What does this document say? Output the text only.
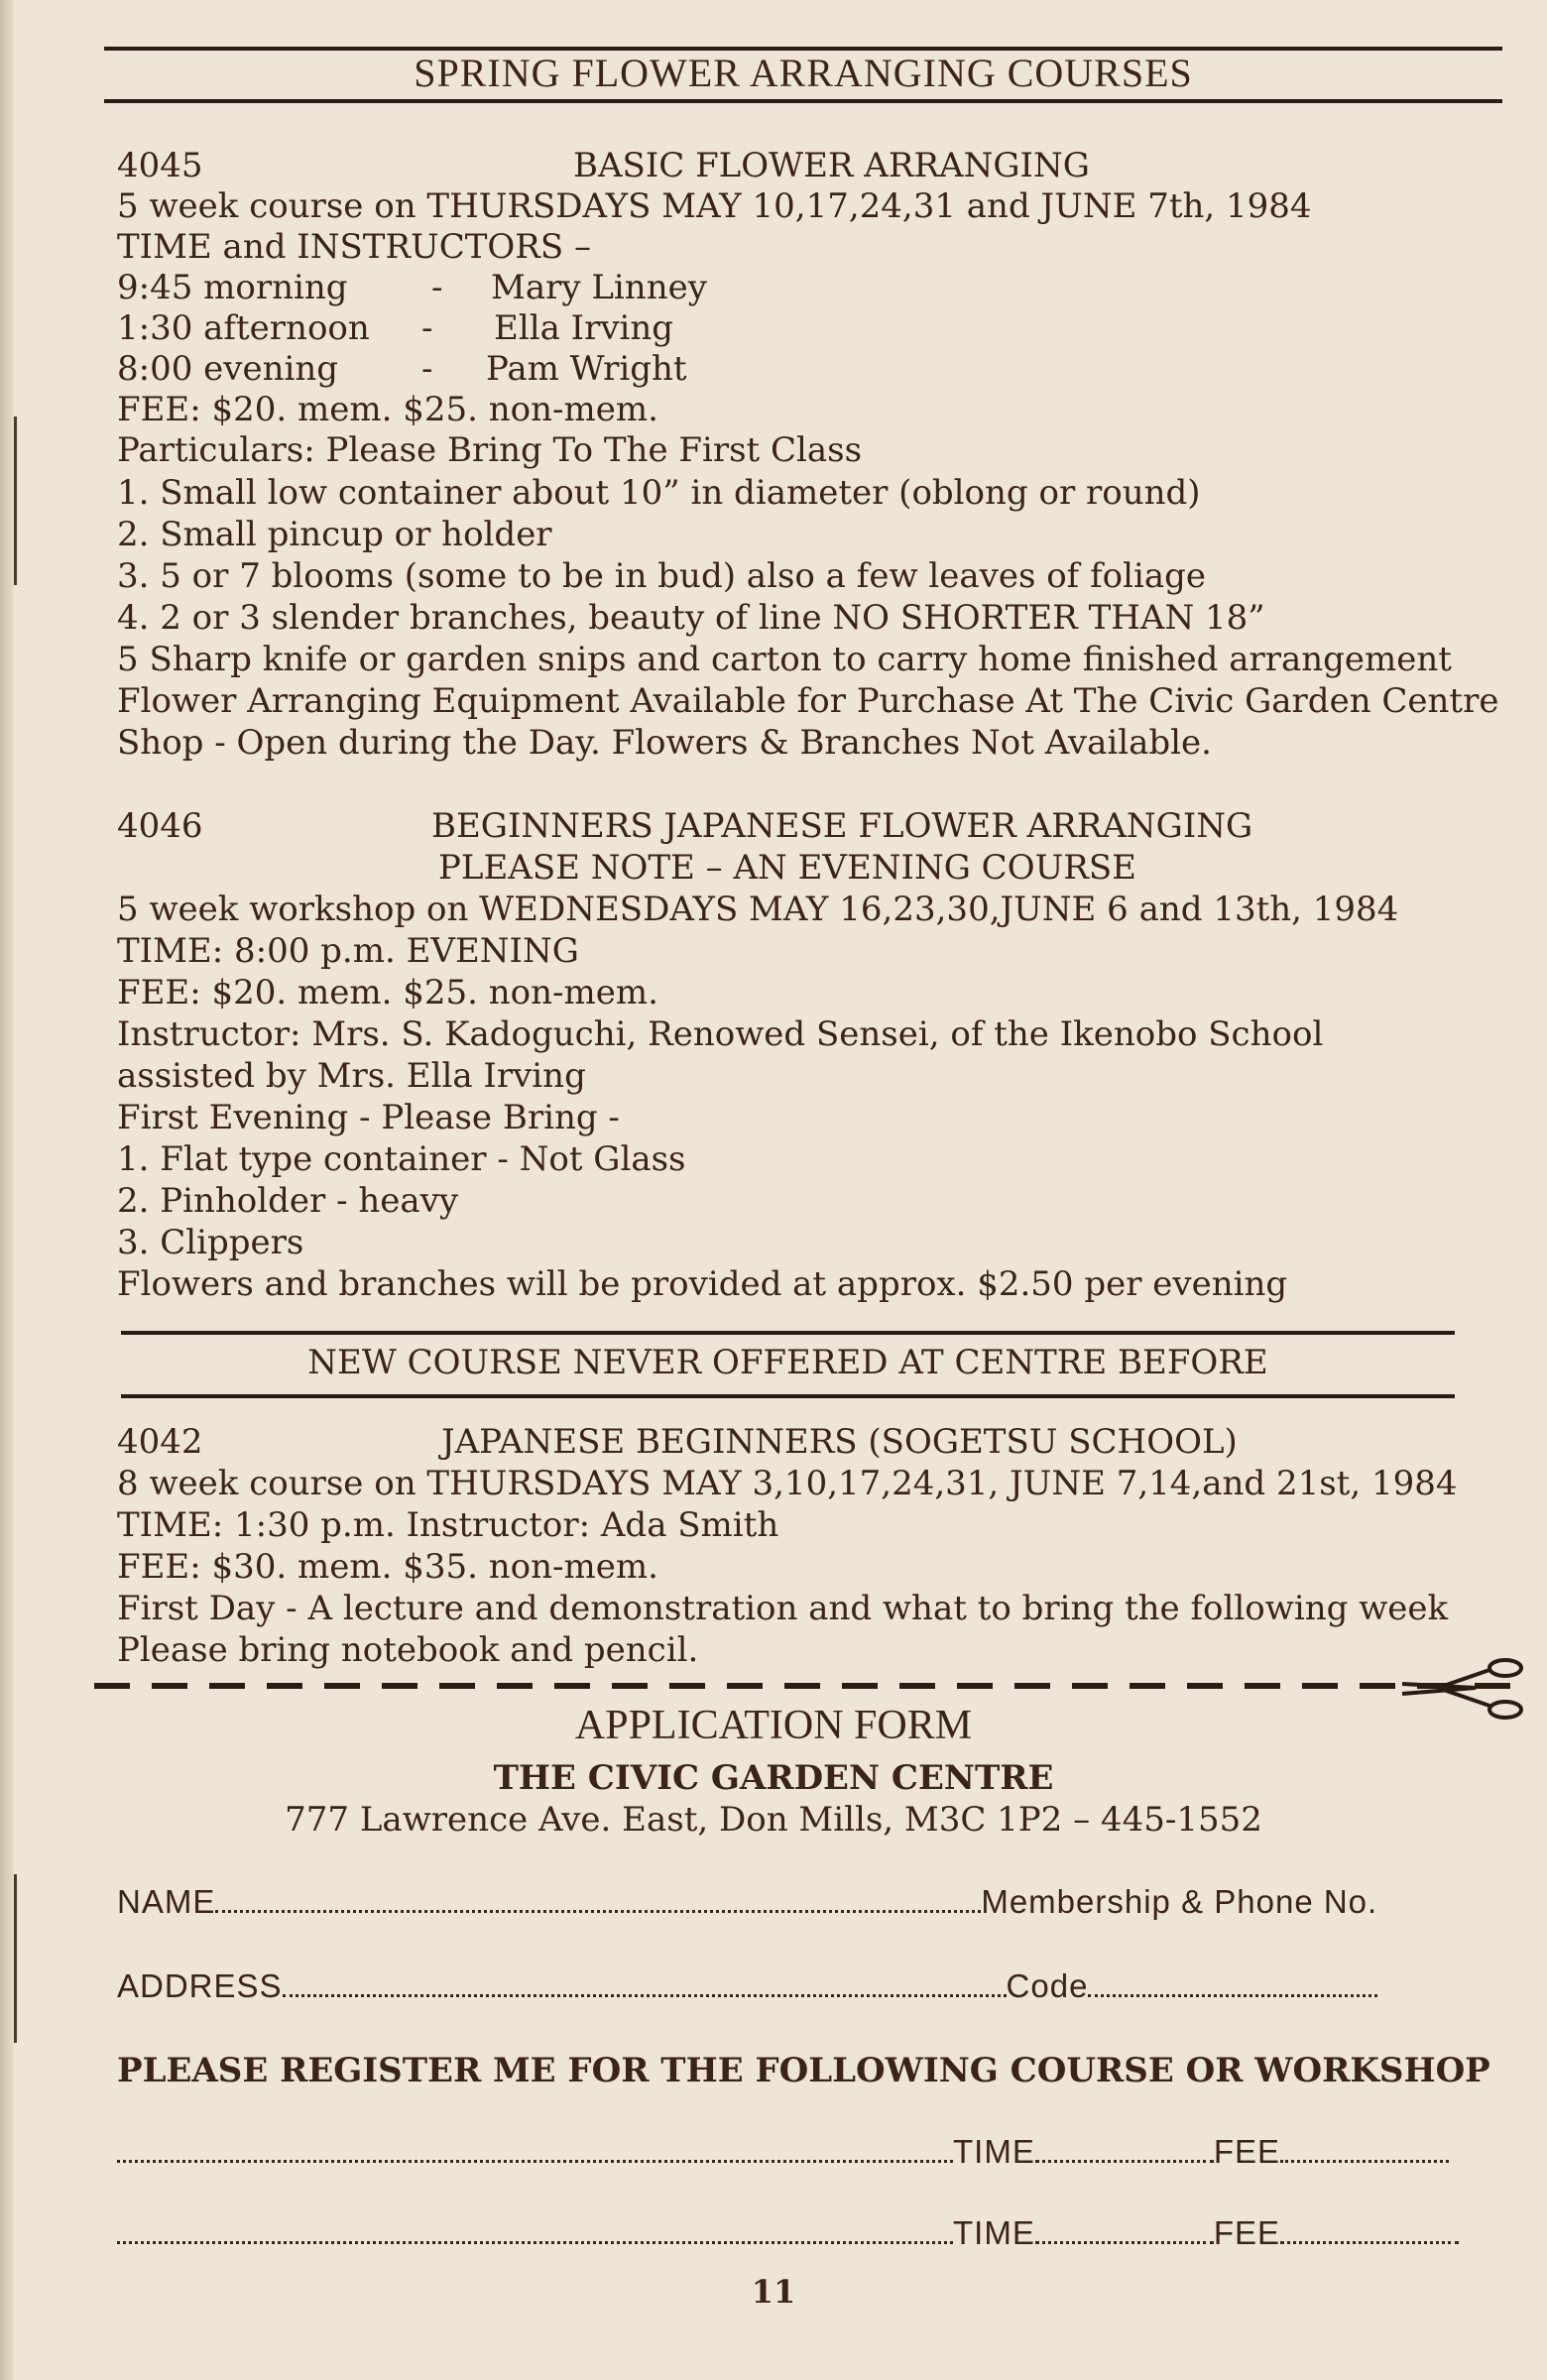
SPRING FLOWER ARRANGING COURSES
4045	BASIC FLOWER ARRANGING
5 week course on THURSDAYS MAY 10,17,24,31 and JUNE 7th, 1984
TIME and INSTRUCTORS –
9:45 morning - Mary Linney
1:30 afternoon - Ella Irving
8:00 evening - Pam Wright
FEE: $20. mem. $25. non-mem.
Particulars: Please Bring To The First Class
1. Small low container about 10” in diameter (oblong or round)
2. Small pincup or holder
3. 5 or 7 blooms (some to be in bud) also a few leaves of foliage
4. 2 or 3 slender branches, beauty of line NO SHORTER THAN 18”
5 Sharp knife or garden snips and carton to carry home finished arrangement
Flower Arranging Equipment Available for Purchase At The Civic Garden Centre
Shop - Open during the Day. Flowers & Branches Not Available.
4046	BEGINNERS JAPANESE FLOWER ARRANGING
PLEASE NOTE – AN EVENING COURSE
5 week workshop on WEDNESDAYS MAY 16,23,30,JUNE 6 and 13th, 1984
TIME: 8:00 p.m. EVENING
FEE: $20. mem. $25. non-mem.
Instructor: Mrs. S. Kadoguchi, Renowed Sensei, of the Ikenobo School
assisted by Mrs. Ella Irving
First Evening - Please Bring -
1. Flat type container - Not Glass
2. Pinholder - heavy
3. Clippers
Flowers and branches will be provided at approx. $2.50 per evening
NEW COURSE NEVER OFFERED AT CENTRE BEFORE
4042	JAPANESE BEGINNERS (SOGETSU SCHOOL)
8 week course on THURSDAYS MAY 3,10,17,24,31, JUNE 7,14,and 21st, 1984
TIME: 1:30 p.m. Instructor: Ada Smith
FEE: $30. mem. $35. non-mem.
First Day - A lecture and demonstration and what to bring the following week
Please bring notebook and pencil.
APPLICATION FORM
THE CIVIC GARDEN CENTRE
777 Lawrence Ave. East, Don Mills, M3C 1P2 – 445-1552
NAME	Membership & Phone No.
ADDRESS	Code
PLEASE REGISTER ME FOR THE FOLLOWING COURSE OR WORKSHOP
TIME	FEE
TIME	FEE
11
